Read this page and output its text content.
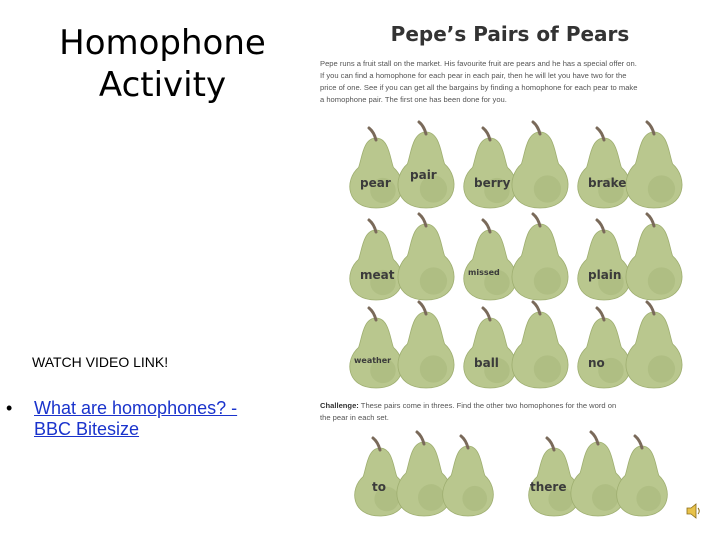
Homophone
Activity
WATCH VIDEO LINK!
• What are homophones? -
BBC Bitesize
Pepe’s Pairs of Pears

Pepe runs a fruit stall on the market. His favourite fruit are pears and he has a special offer on.
If you can find a homophone for each pear in each pair, then he will let you have two for the
price of one. See if you can get all the bargains by finding a homophone for each pear to make
a homophone pair. The first one has been done for you.

pear
pair
berry	brake
meat	missed	plain
weather	ball	no

Challenge: These pairs come in threes. Find the other two homophones for the word on
the pear in each set.

to	there
